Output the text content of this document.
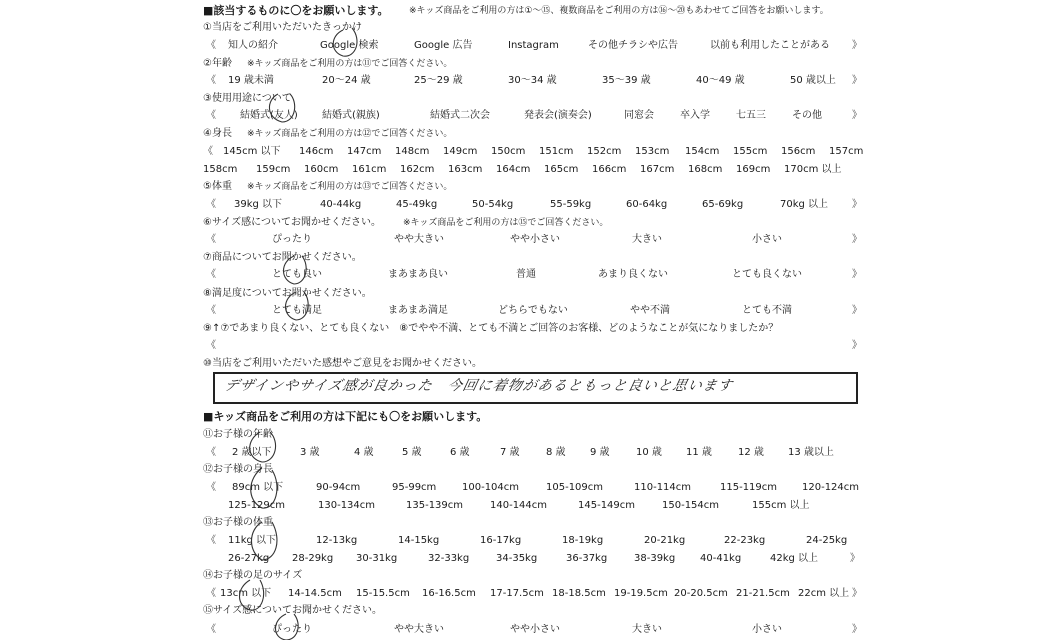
■該当するものに〇をお願いします。 ※キッズ商品をご利用の方は①〜⑮、複数商品をご利用の方は⑯〜⑳もあわせてご回答をお願いします。
①当店をご利用いただいたきっかけ
《 知人の紹介	Google 検索	Google 広告	Instagram	その他チラシや広告	以前も利用したことがある 》
②年齢 ※キッズ商品をご利用の方は⑪でご回答ください。
《 19 歳未満	20〜24 歳	25〜29 歳	30〜34 歳	35〜39 歳	40〜49 歳	50 歳以上 》
③使用用途について
《 結婚式(友人) 結婚式(親族)	結婚式二次会	発表会(演奏会)	同窓会	卒入学	七五三	その他	》
④身長 ※キッズ商品をご利用の方は⑫でご回答ください。
《 145cm 以下 146cm 147cm 148cm 149cm 150cm 151cm 152cm 153cm 154cm 155cm 156cm 157cm
158cm 159cm 160cm 161cm 162cm 163cm 164cm 165cm 166cm 167cm 168cm 169cm 170cm 以上
⑤体重 ※キッズ商品をご利用の方は⑬でご回答ください。
《 39kg 以下	40-44kg	45-49kg	50-54kg	55-59kg	60-64kg	65-69kg	70kg 以上 》
⑥サイズ感についてお聞かせください。 ※キッズ商品をご利用の方は⑮でご回答ください。
《	ぴったり	やや大きい	やや小さい	大きい	小さい	》
⑦商品についてお聞かせください。
《	とても良い	まあまあ良い	普通	あまり良くない	とても良くない	》
⑧満足度についてお聞かせください。
《	とても満足	まあまあ満足	どちらでもない	やや不満	とても不満	》
⑨↑⑦であまり良くない、とても良くない　⑧でやや不満、とても不満とご回答のお客様、どのようなことが気になりましたか？
《	》
⑩当店をご利用いただいた感想やご意見をお聞かせください。
デザインやサイズ感が良かった　今回に着物があるともっと良いと思います
■キッズ商品をご利用の方は下記にも〇をお願いします。
⑪お子様の年齢
《 2 歳以下	3 歳	4 歳	5 歳	6 歳	7 歳	8 歳 9 歳	10 歳 11 歳	12 歳 13 歳以上
⑫お子様の身長
《 89cm 以下	90-94cm	95-99cm	100-104cm	105-109cm	110-114cm	115-119cm 120-124cm
125-129cm	130-134cm	135-139cm	140-144cm	145-149cm	150-154cm	155cm 以上
⑬お子様の体重
《 11kg 以下	12-13kg	14-15kg	16-17kg	18-19kg	20-21kg	22-23kg	24-25kg
26-27kg 28-29kg 30-31kg	32-33kg	34-35kg	36-37kg	38-39kg 40-41kg	42kg 以上	》
⑭お子様の足のサイズ
《 13cm 以下 14-14.5cm 15-15.5cm 16-16.5cm 17-17.5cm 18-18.5cm 19-19.5cm 20-20.5cm 21-21.5cm 22cm 以上 》
⑮サイズ感についてお聞かせください。
《	ぴったり	やや大きい	やや小さい	大きい	小さい	》
